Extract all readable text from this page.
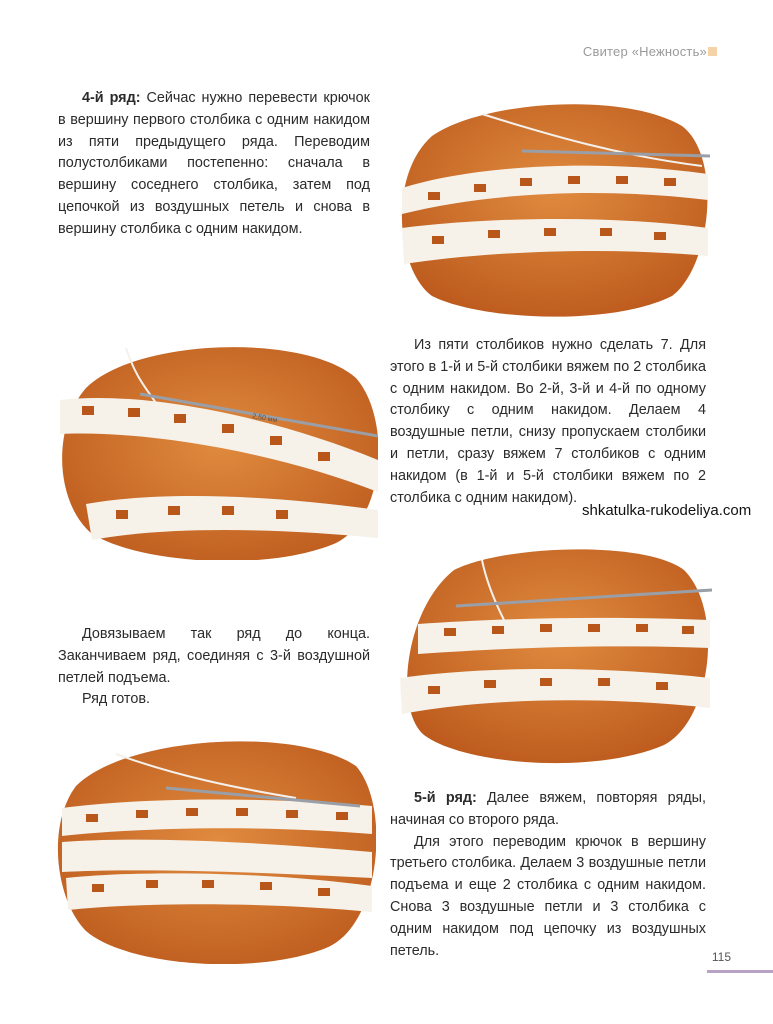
Свитер «Нежность»

4-й ряд: Сейчас нужно перевести крючок в вершину первого столбика с одним накидом из пяти предыдущего ряда. Переводим полустолбиками постепенно: сначала в вершину соседнего столбика, затем под цепочкой из воздушных петель и снова в вершину столбика с одним накидом.

2,50 мм

Из пяти столбиков нужно сделать 7. Для этого в 1-й и 5-й столбики вяжем по 2 столбика с одним накидом. Во 2-й, 3-й и 4-й по одному столбику с одним накидом. Делаем 4 воздушные петли, снизу пропускаем столбики и петли, сразу вяжем 7 столбиков с одним накидом (в 1-й и 5-й столбики вяжем по 2 столбика с одним накидом).

shkatulka-rukodeliya.com

Довязываем так ряд до конца. Заканчиваем ряд, соединяя с 3-й воздушной петлей подъема.

Ряд готов.

5-й ряд: Далее вяжем, повторяя ряды, начиная со второго ряда.

Для этого переводим крючок в вершину третьего столбика. Делаем 3 воздушные петли подъема и еще 2 столбика с одним накидом. Снова 3 воздушные петли и 3 столбика с одним накидом под цепочку из воздушных петель.	115
